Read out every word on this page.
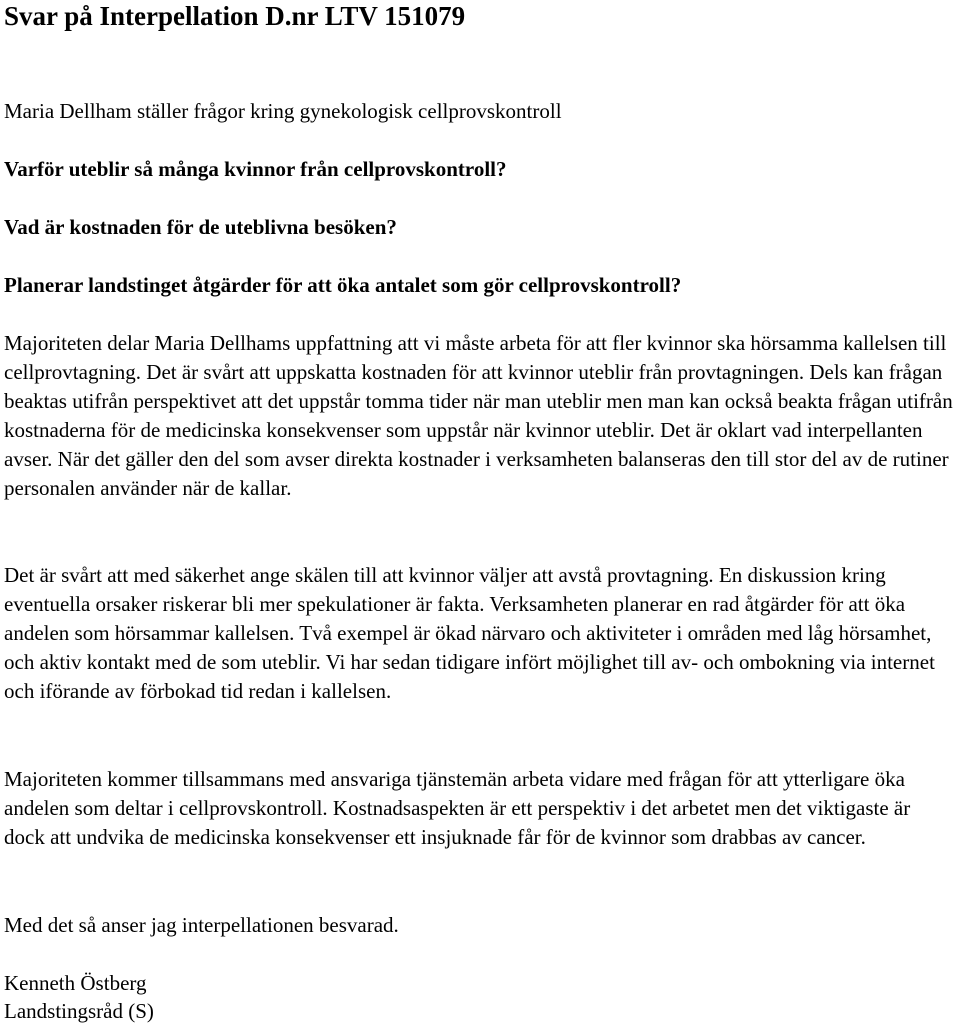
Svar på Interpellation D.nr LTV 151079

Maria Dellham ställer frågor kring gynekologisk cellprovskontroll

Varför uteblir så många kvinnor från cellprovskontroll?

Vad är kostnaden för de uteblivna besöken?

Planerar landstinget åtgärder för att öka antalet som gör cellprovskontroll?

Majoriteten delar Maria Dellhams uppfattning att vi måste arbeta för att fler kvinnor ska hörsamma kallelsen till cellprovtagning. Det är svårt att uppskatta kostnaden för att kvinnor uteblir från provtagningen. Dels kan frågan beaktas utifrån perspektivet att det uppstår tomma tider när man uteblir men man kan också beakta frågan utifrån kostnaderna för de medicinska konsekvenser som uppstår när kvinnor uteblir. Det är oklart vad interpellanten avser. När det gäller den del som avser direkta kostnader i verksamheten balanseras den till stor del av de rutiner personalen använder när de kallar.

Det är svårt att med säkerhet ange skälen till att kvinnor väljer att avstå provtagning. En diskussion kring eventuella orsaker riskerar bli mer spekulationer är fakta. Verksamheten planerar en rad åtgärder för att öka andelen som hörsammar kallelsen. Två exempel är ökad närvaro och aktiviteter i områden med låg hörsamhet, och aktiv kontakt med de som uteblir. Vi har sedan tidigare infört möjlighet till av- och ombokning via internet och iförande av förbokad tid redan i kallelsen.

Majoriteten kommer tillsammans med ansvariga tjänstemän arbeta vidare med frågan för att ytterligare öka andelen som deltar i cellprovskontroll. Kostnadsaspekten är ett perspektiv i det arbetet men det viktigaste är dock att undvika de medicinska konsekvenser ett insjuknade får för de kvinnor som drabbas av cancer.

Med det så anser jag interpellationen besvarad.

Kenneth Östberg

Landstingsråd (S)
